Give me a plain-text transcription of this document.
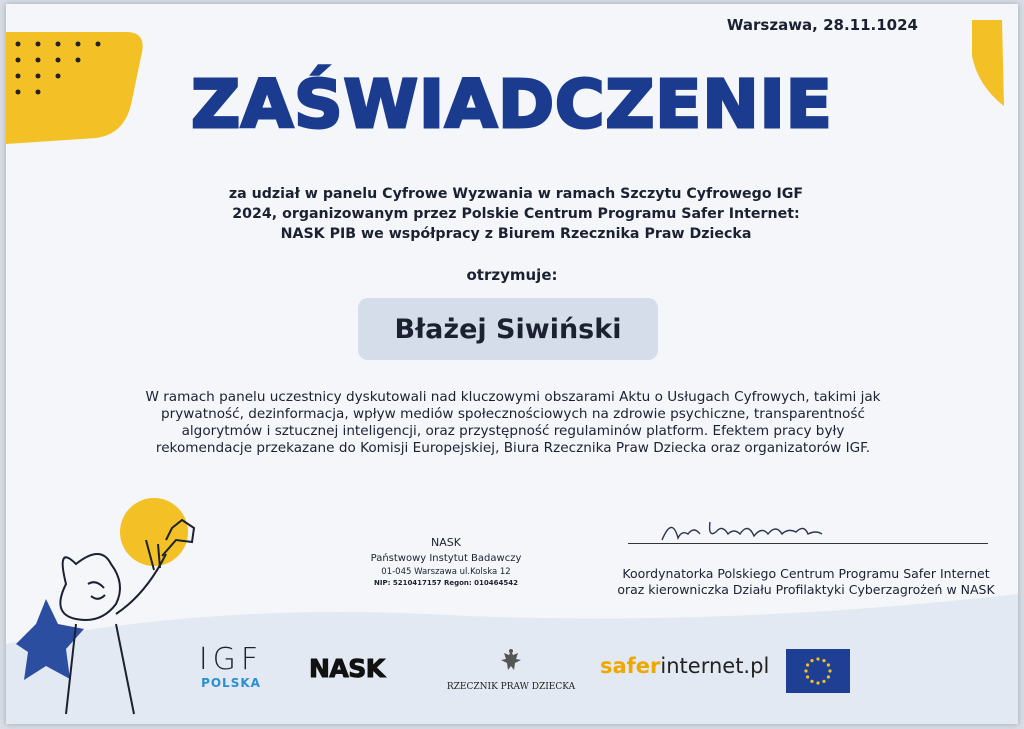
Warszawa, 28.11.1024
ZAŚWIADCZENIE
za udział w panelu Cyfrowe Wyzwania w ramach Szczytu Cyfrowego IGF
2024, organizowanym przez Polskie Centrum Programu Safer Internet:
NASK PIB we współpracy z Biurem Rzecznika Praw Dziecka
otrzymuje:
Błażej Siwiński
W ramach panelu uczestnicy dyskutowali nad kluczowymi obszarami Aktu o Usługach Cyfrowych, takimi jak
prywatność, dezinformacja, wpływ mediów społecznościowych na zdrowie psychiczne, transparentność
algorytmów i sztucznej inteligencji, oraz przystępność regulaminów platform. Efektem pracy były
rekomendacje przekazane do Komisji Europejskiej, Biura Rzecznika Praw Dziecka oraz organizatorów IGF.
NASK
Państwowy Instytut Badawczy
01-045 Warszawa ul.Kolska 12
NIP: 5210417157 Regon: 010464542
Koordynatorka Polskiego Centrum Programu Safer Internet
oraz kierowniczka Działu Profilaktyki Cyberzagrożeń w NASK
IGF
POLSKA	NASK
RZECZNIK PRAW DZIECKA
saferinternet.pl
